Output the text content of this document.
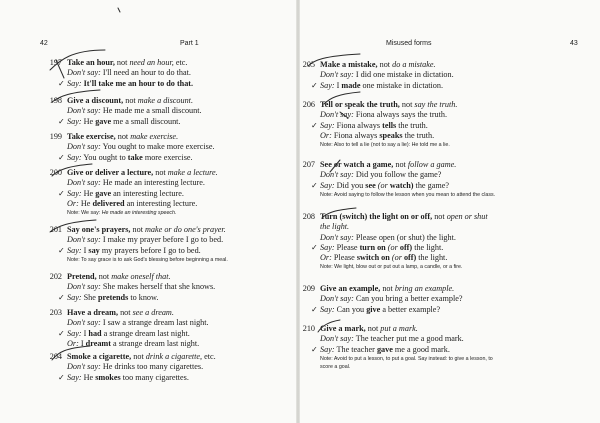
42	Part 1
197 Take an hour, not need an hour, etc.
Don't say: I'll need an hour to do that.
✓ Say: It'll take me an hour to do that.
198 Give a discount, not make a discount.
Don't say: He made me a small discount.
✓ Say: He gave me a small discount.
199 Take exercise, not make exercise.
Don't say: You ought to make more exercise.
✓ Say: You ought to take more exercise.
200 Give or deliver a lecture, not make a lecture.
Don't say: He made an interesting lecture.
✓ Say: He gave an interesting lecture.
Or: He delivered an interesting lecture.
Note: We say: He made an interesting speech.
201 Say one's prayers, not make or do one's prayer.
Don't say: I make my prayer before I go to bed.
✓ Say: I say my prayers before I go to bed.
Note: To say grace is to ask God's blessing before beginning a meal.
202 Pretend, not make oneself that.
Don't say: She makes herself that she knows.
✓ Say: She pretends to know.
203 Have a dream, not see a dream.
Don't say: I saw a strange dream last night.
✓ Say: I had a strange dream last night.
Or: I dreamt a strange dream last night.
204 Smoke a cigarette, not drink a cigarette, etc.
Don't say: He drinks too many cigarettes.
✓ Say: He smokes too many cigarettes.
Misused forms	43
205 Make a mistake, not do a mistake.
Don't say: I did one mistake in dictation.
✓ Say: I made one mistake in dictation.
206 Tell or speak the truth, not say the truth.
Don't say: Fiona always says the truth.
✓ Say: Fiona always tells the truth.
Or: Fiona always speaks the truth.
Note: Also to tell a lie (not to say a lie): He told me a lie.
207 See or watch a game, not follow a game.
Don't say: Did you follow the game?
✓ Say: Did you see (or watch) the game?
Note: Avoid saying to follow the lesson when you mean to attend the class.
208 Turn (switch) the light on or off, not open or shut
the light.
Don't say: Please open (or shut) the light.
✓ Say: Please turn on (or off) the light.
Or: Please switch on (or off) the light.
Note: We light, blow out or put out a lamp, a candle, or a fire.
209 Give an example, not bring an example.
Don't say: Can you bring a better example?
✓ Say: Can you give a better example?
210 Give a mark, not put a mark.
Don't say: The teacher put me a good mark.
✓ Say: The teacher gave me a good mark.
Note: Avoid to put a lesson, to put a goal. Say instead: to give a lesson, to
score a goal.
